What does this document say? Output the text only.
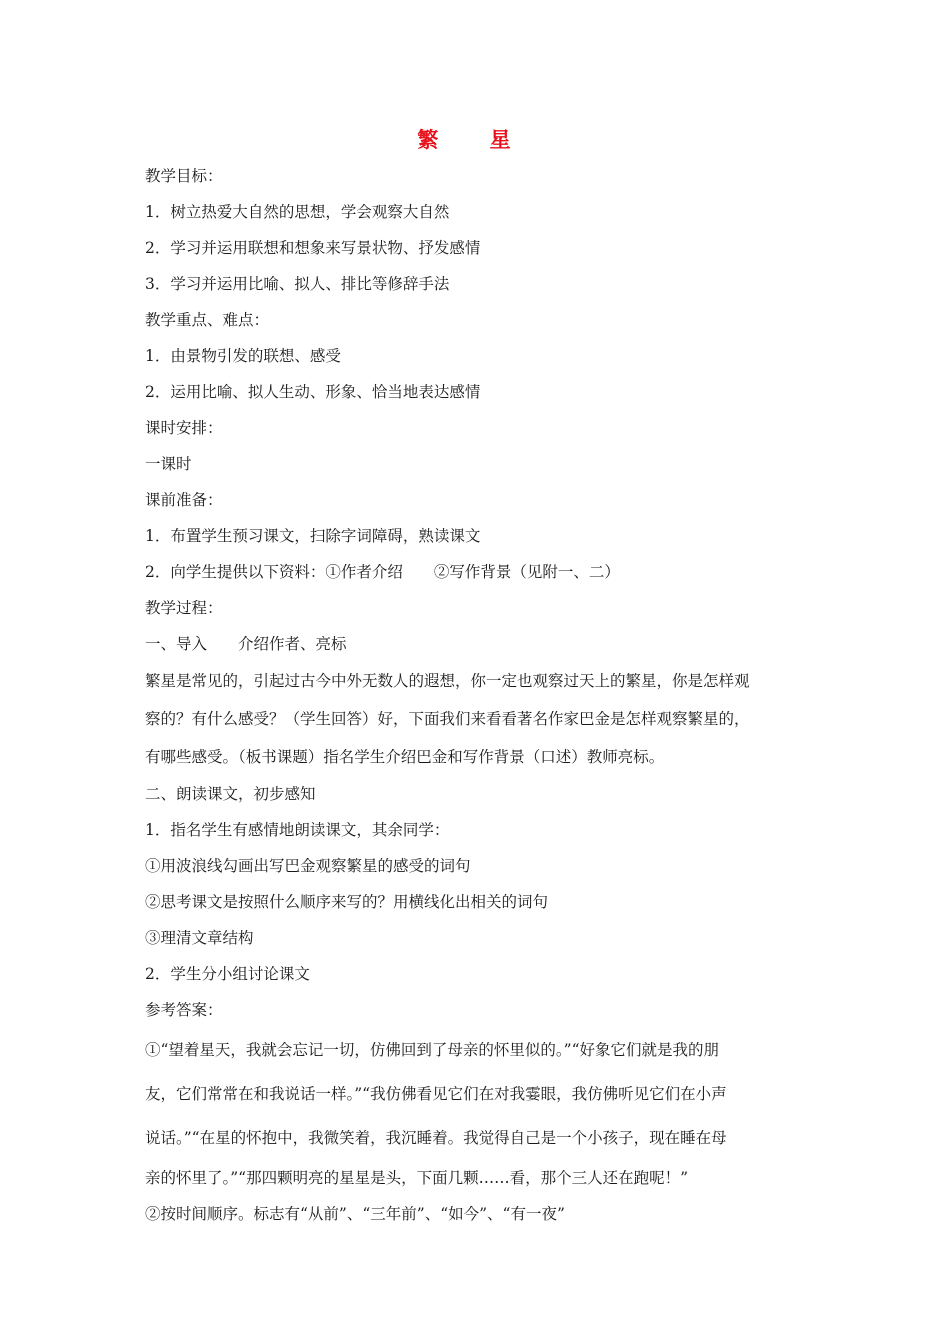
繁 星
教学目标：
1．树立热爱大自然的思想，学会观察大自然
2．学习并运用联想和想象来写景状物、抒发感情
3．学习并运用比喻、拟人、排比等修辞手法
教学重点、难点：
1．由景物引发的联想、感受
2．运用比喻、拟人生动、形象、恰当地表达感情
课时安排：
一课时
课前准备：
1．布置学生预习课文，扫除字词障碍，熟读课文
2．向学生提供以下资料：①作者介绍　　②写作背景（见附一、二）
教学过程：
一、导入　　介绍作者、亮标
繁星是常见的，引起过古今中外无数人的遐想，你一定也观察过天上的繁星，你是怎样观
察的？有什么感受？（学生回答）好，下面我们来看看著名作家巴金是怎样观察繁星的，
有哪些感受。（板书课题）指名学生介绍巴金和写作背景（口述）教师亮标。
二、朗读课文，初步感知
1．指名学生有感情地朗读课文，其余同学：
①用波浪线勾画出写巴金观察繁星的感受的词句
②思考课文是按照什么顺序来写的？用横线化出相关的词句
③理清文章结构
2．学生分小组讨论课文
参考答案：
①“望着星天，我就会忘记一切，仿佛回到了母亲的怀里似的。”“好象它们就是我的朋
友，它们常常在和我说话一样。”“我仿佛看见它们在对我霎眼，我仿佛听见它们在小声
说话。”“在星的怀抱中，我微笑着，我沉睡着。我觉得自己是一个小孩子，现在睡在母
亲的怀里了。”“那四颗明亮的星星是头，下面几颗……看，那个三人还在跑呢！”
②按时间顺序。标志有“从前”、“三年前”、“如今”、“有一夜”
